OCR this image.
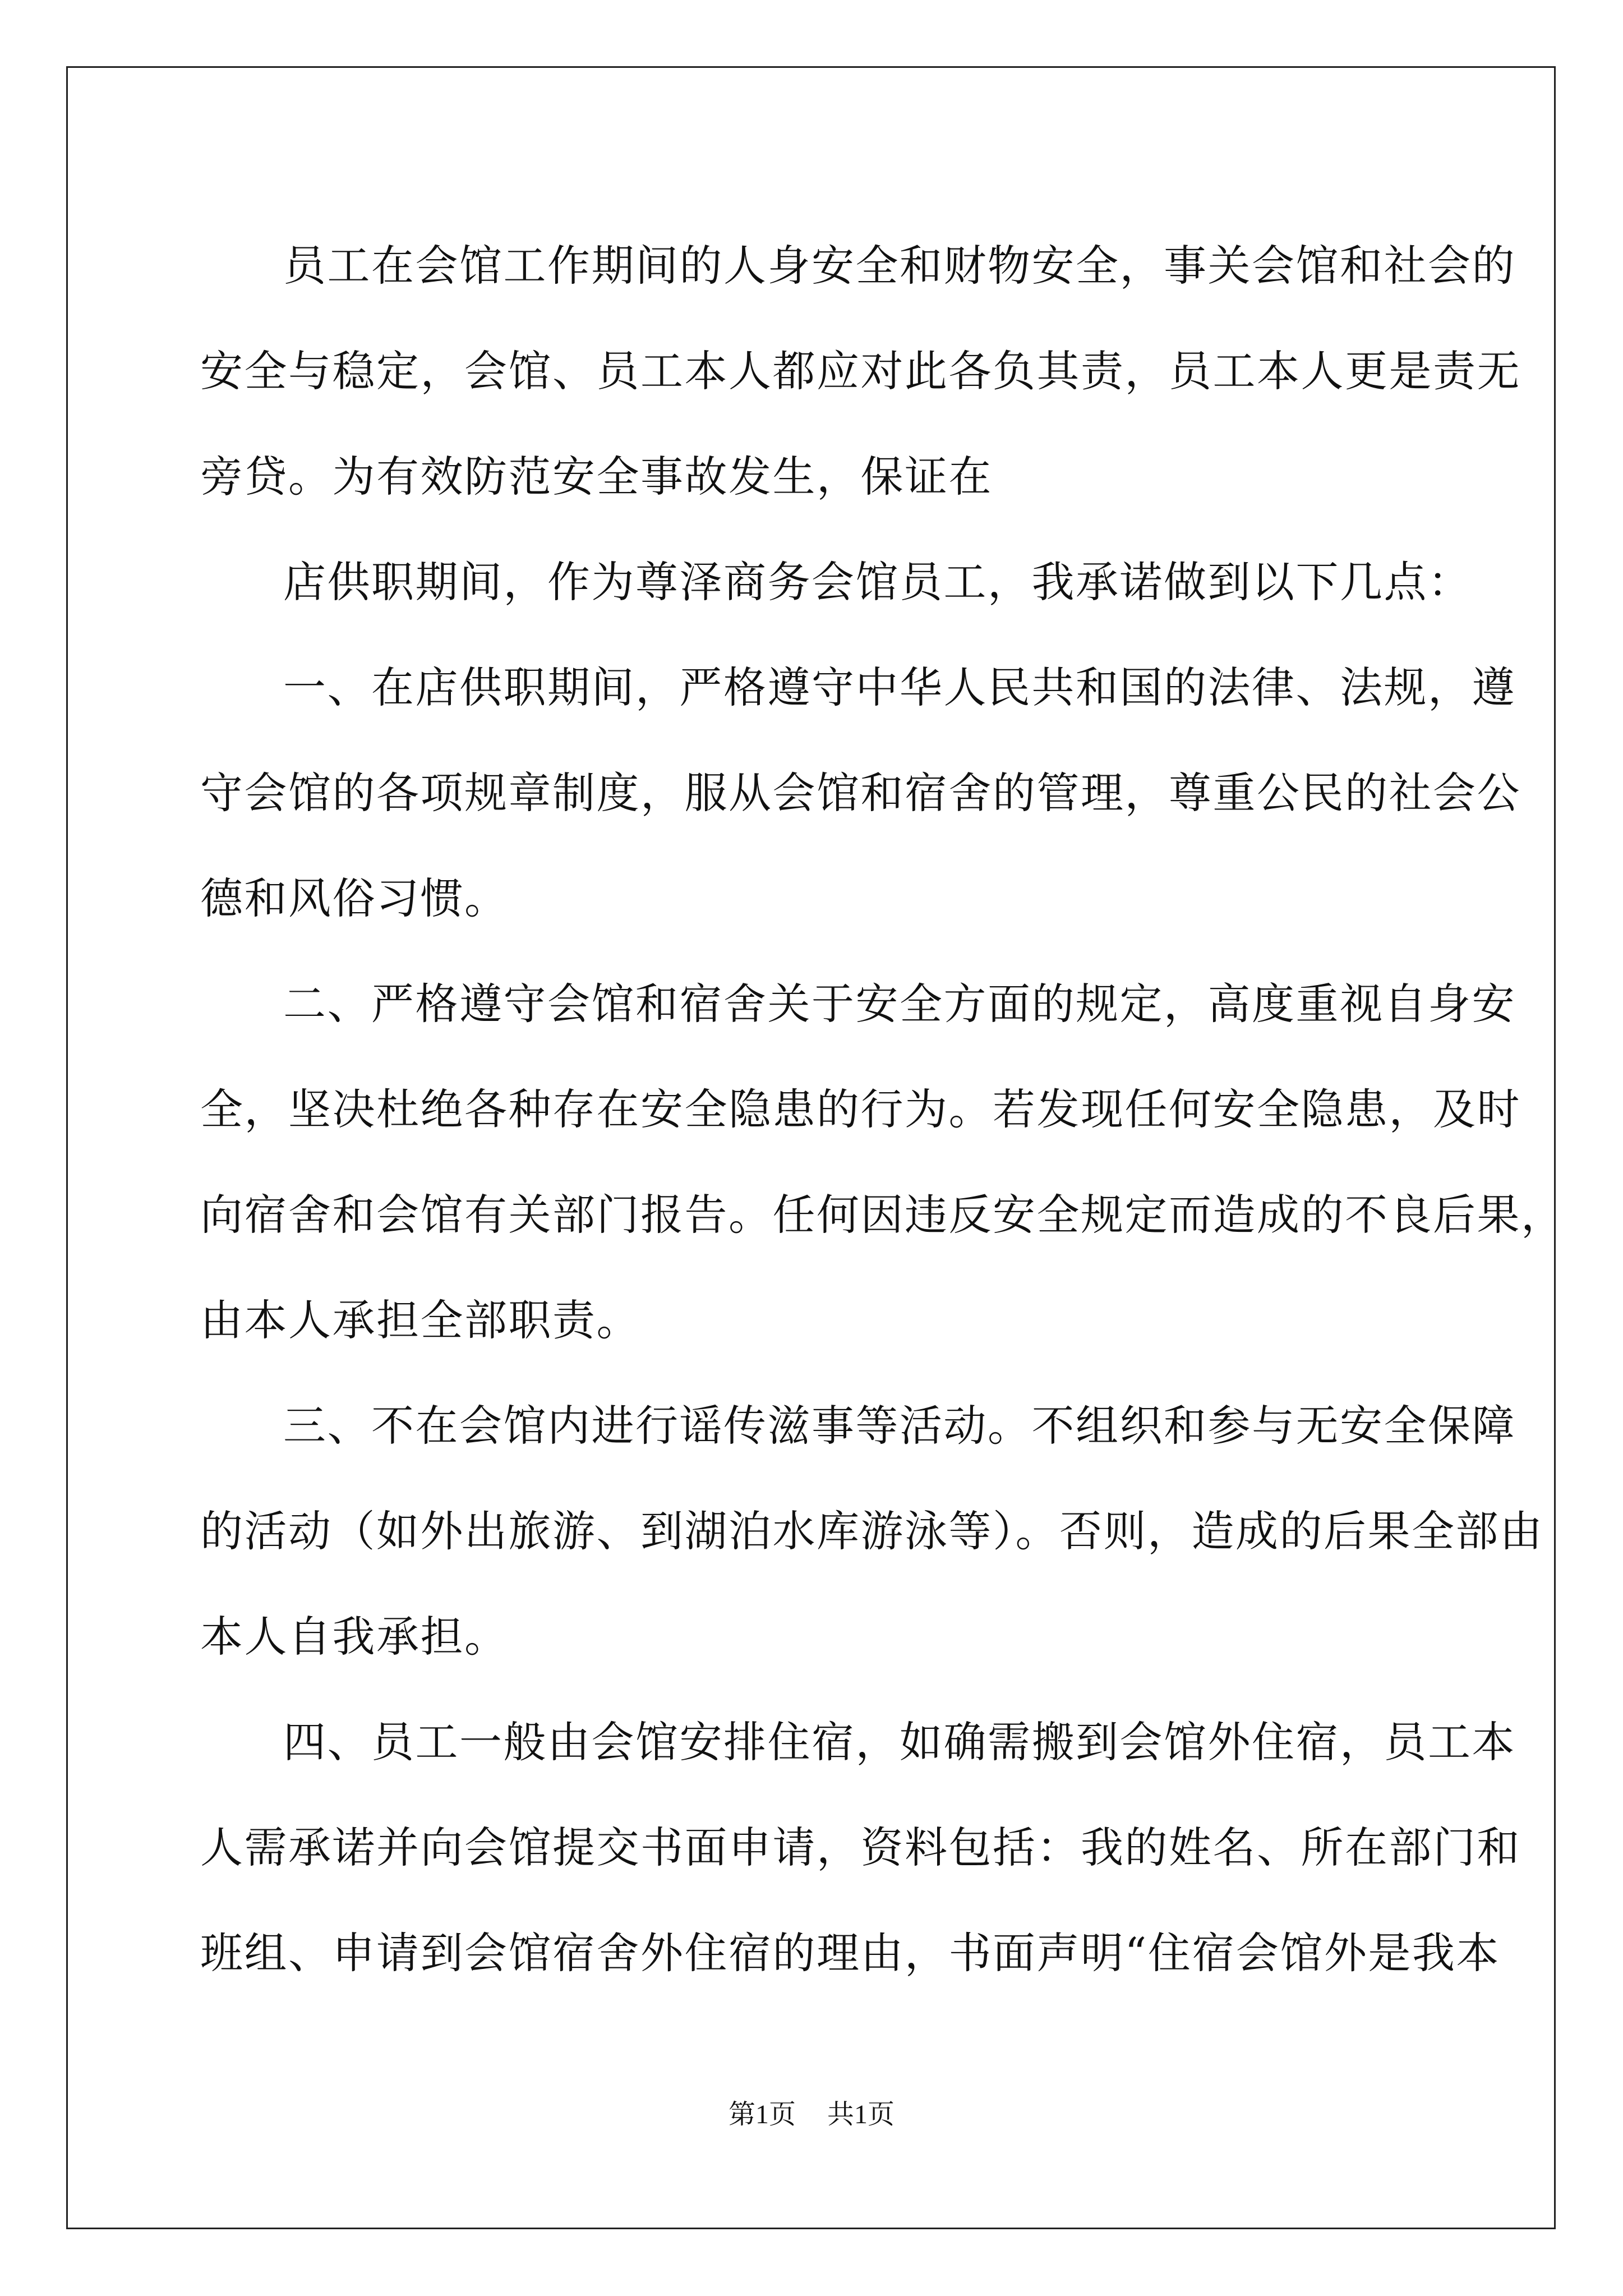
员工在会馆工作期间的人身安全和财物安全，事关会馆和社会的
安全与稳定，会馆、员工本人都应对此各负其责，员工本人更是责无
旁贷。为有效防范安全事故发生，保证在
店供职期间，作为尊泽商务会馆员工，我承诺做到以下几点：
一、在店供职期间，严格遵守中华人民共和国的法律、法规，遵
守会馆的各项规章制度，服从会馆和宿舍的管理，尊重公民的社会公
德和风俗习惯。
二、严格遵守会馆和宿舍关于安全方面的规定，高度重视自身安
全，坚决杜绝各种存在安全隐患的行为。若发现任何安全隐患，及时
向宿舍和会馆有关部门报告。任何因违反安全规定而造成的不良后果，
由本人承担全部职责。
三、不在会馆内进行谣传滋事等活动。不组织和参与无安全保障
的活动（如外出旅游、到湖泊水库游泳等）。否则，造成的后果全部由
本人自我承担。
四、员工一般由会馆安排住宿，如确需搬到会馆外住宿，员工本
人需承诺并向会馆提交书面申请，资料包括：我的姓名、所在部门和
班组、申请到会馆宿舍外住宿的理由，书面声明“住宿会馆外是我本
第1页 共1页
